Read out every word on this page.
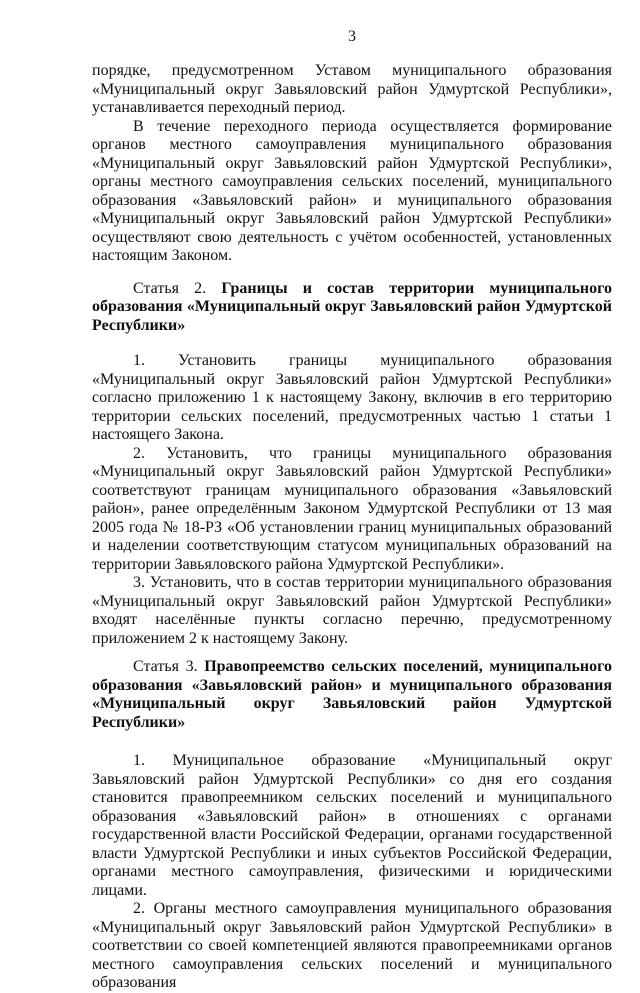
3

порядке, предусмотренном Уставом муниципального образования «Муниципальный округ Завьяловский район Удмуртской Республики», устанавливается переходный период.

В течение переходного периода осуществляется формирование органов местного самоуправления муниципального образования «Муниципальный округ Завьяловский район Удмуртской Республики», органы местного самоуправления сельских поселений, муниципального образования «Завьяловский район» и муниципального образования «Муниципальный округ Завьяловский район Удмуртской Республики» осуществляют свою деятельность с учётом особенностей, установленных настоящим Законом.

Статья 2. Границы и состав территории муниципального образования «Муниципальный округ Завьяловский район Удмуртской Республики»

1. Установить границы муниципального образования «Муниципальный округ Завьяловский район Удмуртской Республики» согласно приложению 1 к настоящему Закону, включив в его территорию территории сельских поселений, предусмотренных частью 1 статьи 1 настоящего Закона.

2. Установить, что границы муниципального образования «Муниципальный округ Завьяловский район Удмуртской Республики» соответствуют границам муниципального образования «Завьяловский район», ранее определённым Законом Удмуртской Республики от 13 мая 2005 года № 18-РЗ «Об установлении границ муниципальных образований и наделении соответствующим статусом муниципальных образований на территории Завьяловского района Удмуртской Республики».

3. Установить, что в состав территории муниципального образования «Муниципальный округ Завьяловский район Удмуртской Республики» входят населённые пункты согласно перечню, предусмотренному приложением 2 к настоящему Закону.

Статья 3. Правопреемство сельских поселений, муниципального образования «Завьяловский район» и муниципального образования «Муниципальный округ Завьяловский район Удмуртской Республики»

1. Муниципальное образование «Муниципальный округ Завьяловский район Удмуртской Республики» со дня его создания становится правопреемником сельских поселений и муниципального образования «Завьяловский район» в отношениях с органами государственной власти Российской Федерации, органами государственной власти Удмуртской Республики и иных субъектов Российской Федерации, органами местного самоуправления, физическими и юридическими лицами.

2. Органы местного самоуправления муниципального образования «Муниципальный округ Завьяловский район Удмуртской Республики» в соответствии со своей компетенцией являются правопреемниками органов местного самоуправления сельских поселений и муниципального образования
